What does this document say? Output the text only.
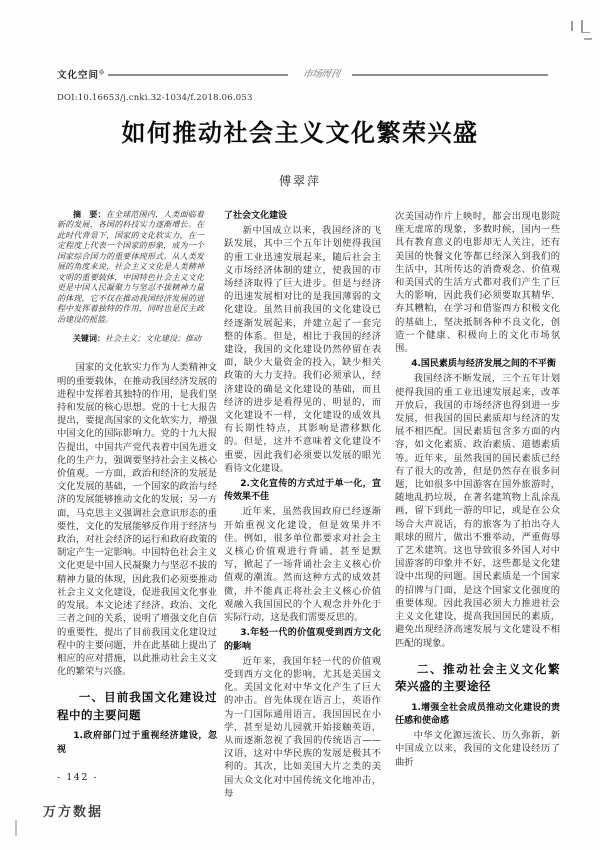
文化空间
❖	市场周刊
DOI:10.16653/j.cnki.32-1034/f.2018.06.053
如何推动社会主义文化繁荣兴盛
傅翠萍
摘　要：在全球范围内，人类面临着新的发展，各国的科技实力逐渐增长。在此时代背景下，国家的文化软实力，在一定程度上代表一个国家的形象，成为一个国家综合国力的重要体现形式。从人类发展的角度来说，社会主义文化是人类精神文明的重要载体，中国特色社会主义文化更是中国人民凝聚力与坚忍不拔精神力量的体现，它不仅在推动我国经济发展的进程中发挥着独特的作用，同时也是民主政治建设的摇篮。
关键词：社会主义；文化建设；推动
国家的文化软实力作为人类精神文明的重要载体，在推动我国经济发展的进程中发挥着其独特的作用，是我们坚持和发展的核心思想。党的十七大报告提出，要提高国家的文化软实力，增强中国文化的国际影响力。党的十九大报告提出，中国共产党代表着中国先进文化的生产力，强调要坚持社会主义核心价值观。一方面，政治和经济的发展是文化发展的基础，一个国家的政治与经济的发展能够推动文化的发展；另一方面，马克思主义强调社会意识形态的重要性，文化的发展能够反作用于经济与政治，对社会经济的运行和政府政策的制定产生一定影响。中国特色社会主义文化更是中国人民凝聚力与坚忍不拔的精神力量的体现，因此我们必须要推动社会主义文化建设，促进我国文化事业的发展。本文论述了经济、政治、文化三者之间的关系，说明了增强文化自信的重要性，提出了目前我国文化建设过程中的主要问题，并在此基础上提出了相应的应对措施，以此推动社会主义文化的繁荣与兴盛。
一、目前我国文化建设过程中的主要问题
1.政府部门过于重视经济建设，忽视
了社会文化建设
新中国成立以来，我国经济的飞跃发展，其中三个五年计划使得我国的重工业迅速发展起来，随后社会主义市场经济体制的建立，使我国的市场经济取得了巨大进步。但是与经济的迅速发展相对比的是我国薄弱的文化建设。虽然目前我国的文化建设已经逐渐发展起来，并建立起了一套完整的体系。但是，相比于我国的经济建设，我国的文化建设仍然停留在表面，缺少大量资金的投入，缺少相关政策的大力支持。我们必须承认，经济建设的确是文化建设的基础，而且经济的进步是看得见的、明显的，而文化建设不一样，文化建设的成效具有长期性特点，其影响是潜移默化的。但是，这并不意味着文化建设不重要，因此我们必须要以发展的眼光看待文化建设。
2.文化宣传的方式过于单一化，宣传效果不佳
近年来，虽然我国政府已经逐渐开始重视文化建设，但是效果并不佳。例如，很多单位都要求对社会主义核心价值观进行背诵，甚至是默写，掀起了一场背诵社会主义核心价值观的潮流。然而这种方式的成效甚微，并不能真正将社会主义核心价值观融入我国国民的个人观念并外化于实际行动，这是我们需要反思的。
3.年轻一代的价值观受到西方文化的影响
近年来，我国年轻一代的价值观受到西方文化的影响，尤其是美国文化。美国文化对中华文化产生了巨大的冲击。首先体现在语言上，英语作为一门国际通用语言，我国国民在小学，甚至是幼儿园就开始接触英语，从而逐渐忽视了我国的传统语言——汉语，这对中华民族的发展是极其不利的。其次，比如美国大片之类的美国大众文化对中国传统文化地冲击，每
次美国动作片上映时，都会出现电影院座无虚席的现象，多数时候，国内一些具有教育意义的电影却无人关注，还有美国的快餐文化等都已经深入到我们的生活中，其所传达的消费观念、价值观和美国式的生活方式都对我们产生了巨大的影响，因此我们必须要取其精华、弃其糟粕，在学习和借鉴西方积极文化的基础上，坚决抵制各种不良文化，创造一个健康、积极向上的文化市场氛围。
4.国民素质与经济发展之间的不平衡
我国经济不断发展，三个五年计划使得我国的重工业迅速发展起来，改革开放后，我国的市场经济也得到进一步发展，但我国的国民素质却与经济的发展不相匹配。国民素质包含多方面的内容，如文化素质、政治素质、道德素质等。近年来，虽然我国的国民素质已经有了很大的改善，但是仍然存在很多问题，比如很多中国游客在国外旅游时，随地乱扔垃圾，在著名建筑物上乱涂乱画，留下到此一游的印记，或是在公众场合大声说话，有的旅客为了拍出夺人眼球的照片，做出不雅举动，严重侮辱了艺术建筑。这也导致很多外国人对中国游客的印象并不好，这些都是文化建设中出现的问题。国民素质是一个国家的招牌与门面，是这个国家文化强度的重要体现。因此我国必须大力推进社会主义文化建设，提高我国国民的素质，避免出现经济高速发展与文化建设不相匹配的现象。
二、推动社会主义文化繁荣兴盛的主要途径
1.增强全社会成员推动文化建设的责任感和使命感
中华文化源远流长、历久弥新，新中国成立以来，我国的文化建设经历了曲折
- 142 -
万方数据
